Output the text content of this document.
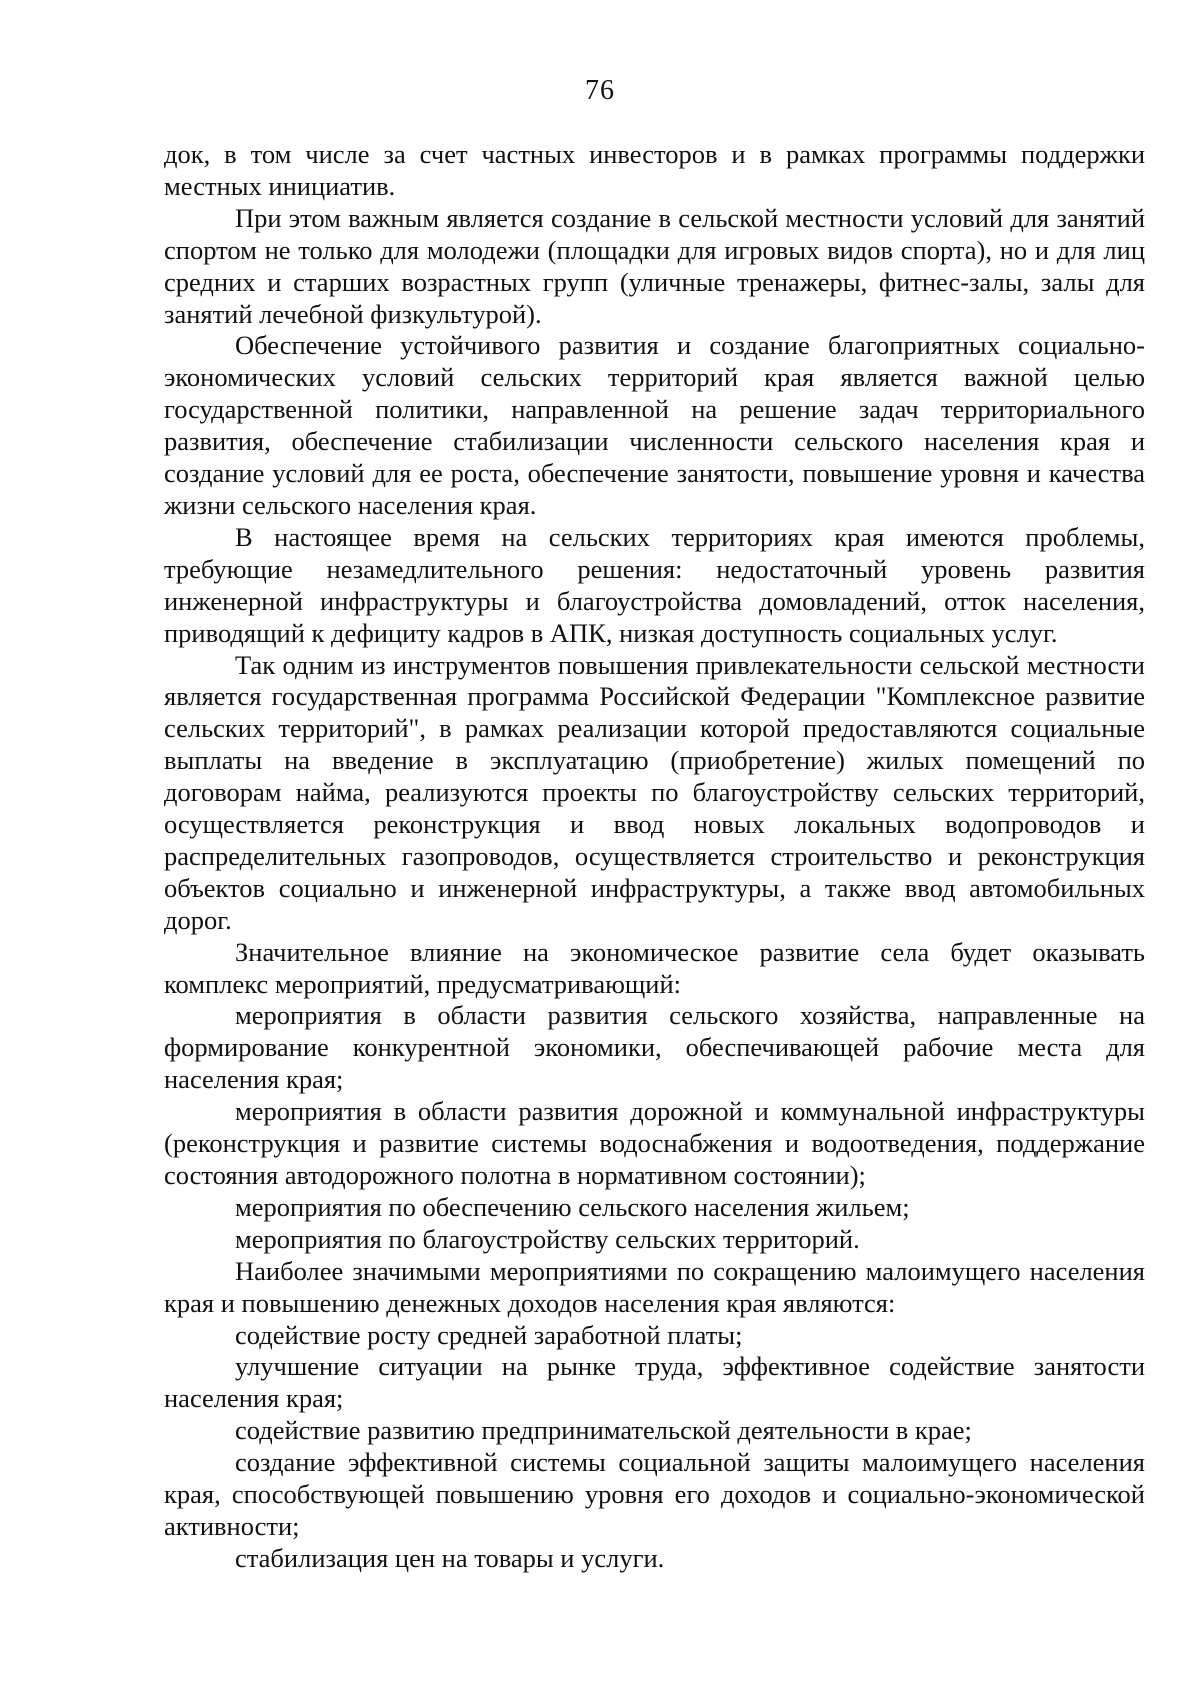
76

док, в том числе за счет частных инвесторов и в рамках программы поддержки местных инициатив.

При этом важным является создание в сельской местности условий для занятий спортом не только для молодежи (площадки для игровых видов спорта), но и для лиц средних и старших возрастных групп (уличные тренажеры, фитнес-залы, залы для занятий лечебной физкультурой).

Обеспечение устойчивого развития и создание благоприятных социально-экономических условий сельских территорий края является важной целью государственной политики, направленной на решение задач территориального развития, обеспечение стабилизации численности сельского населения края и создание условий для ее роста, обеспечение занятости, повышение уровня и качества жизни сельского населения края.

В настоящее время на сельских территориях края имеются проблемы, требующие незамедлительного решения: недостаточный уровень развития инженерной инфраструктуры и благоустройства домовладений, отток населения, приводящий к дефициту кадров в АПК, низкая доступность социальных услуг.

Так одним из инструментов повышения привлекательности сельской местности является государственная программа Российской Федерации "Комплексное развитие сельских территорий", в рамках реализации которой предоставляются социальные выплаты на введение в эксплуатацию (приобретение) жилых помещений по договорам найма, реализуются проекты по благоустройству сельских территорий, осуществляется реконструкция и ввод новых локальных водопроводов и распределительных газопроводов, осуществляется строительство и реконструкция объектов социально и инженерной инфраструктуры, а также ввод автомобильных дорог.

Значительное влияние на экономическое развитие села будет оказывать комплекс мероприятий, предусматривающий:

мероприятия в области развития сельского хозяйства, направленные на формирование конкурентной экономики, обеспечивающей рабочие места для населения края;

мероприятия в области развития дорожной и коммунальной инфраструктуры (реконструкция и развитие системы водоснабжения и водоотведения, поддержание состояния автодорожного полотна в нормативном состоянии);

мероприятия по обеспечению сельского населения жильем;

мероприятия по благоустройству сельских территорий.

Наиболее значимыми мероприятиями по сокращению малоимущего населения края и повышению денежных доходов населения края являются:

содействие росту средней заработной платы;

улучшение ситуации на рынке труда, эффективное содействие занятости населения края;

содействие развитию предпринимательской деятельности в крае;

создание эффективной системы социальной защиты малоимущего населения края, способствующей повышению уровня его доходов и социально-экономической активности;

стабилизация цен на товары и услуги.
